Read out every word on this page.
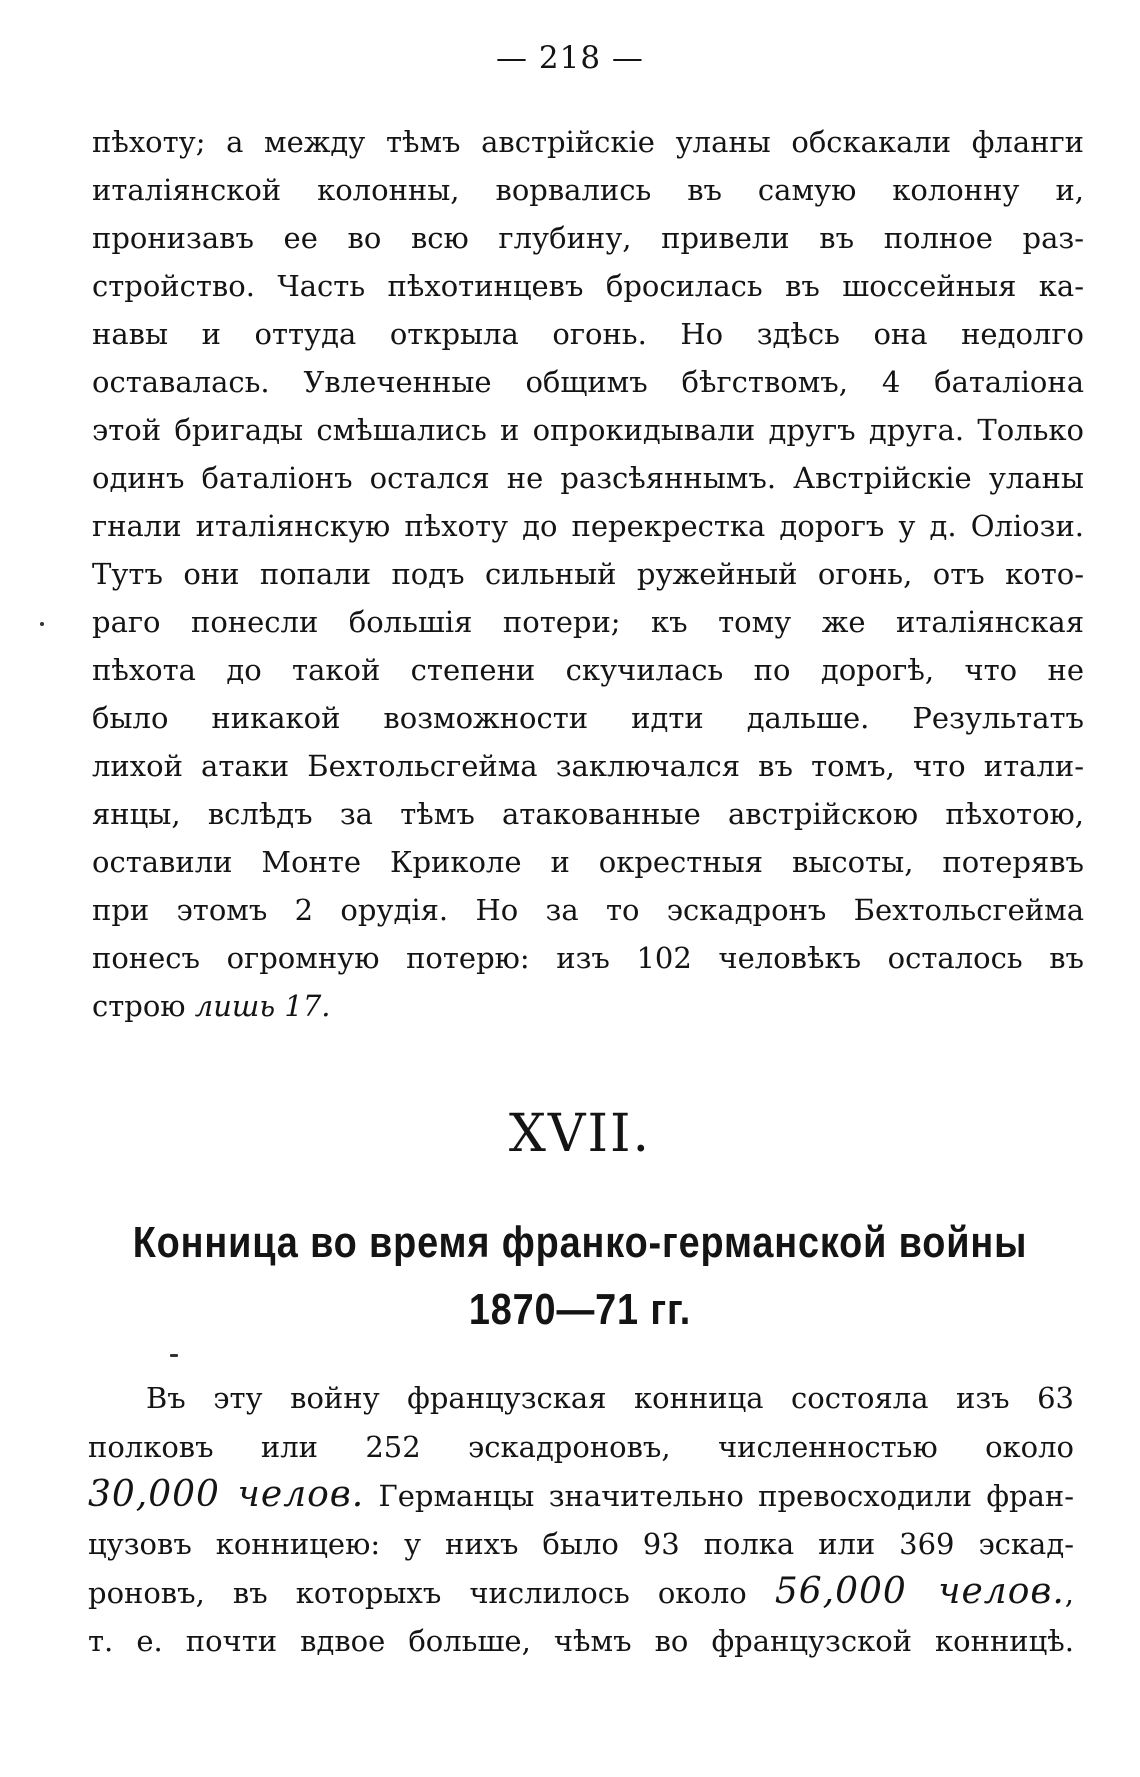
— 218 —
пѣхоту; а между тѣмъ австрійскіе уланы обскакали фланги
италіянской колонны, ворвались въ самую колонну и,
пронизавъ ее во всю глубину, привели въ полное раз-
стройство. Часть пѣхотинцевъ бросилась въ шоссейныя ка-
навы и оттуда открыла огонь. Но здѣсь она недолго
оставалась. Увлеченные общимъ бѣгствомъ, 4 баталіона
этой бригады смѣшались и опрокидывали другъ друга. Только
одинъ баталіонъ остался не разсѣяннымъ. Австрійскіе уланы
гнали италіянскую пѣхоту до перекрестка дорогъ у д. Оліози.
Тутъ они попали подъ сильный ружейный огонь, отъ кото-
раго понесли большія потери; къ тому же италіянская
пѣхота до такой степени скучилась по дорогѣ, что не
было никакой возможности идти дальше. Результатъ
лихой атаки Бехтольсгейма заключался въ томъ, что итали-
янцы, вслѣдъ за тѣмъ атакованные австрійскою пѣхотою,
оставили Монте Криколе и окрестныя высоты, потерявъ
при этомъ 2 орудія. Но за то эскадронъ Бехтольсгейма
понесъ огромную потерю: изъ 102 человѣкъ осталось въ
строю лишь 17.
XVII.
Конница во время франко-германской войны
1870—71 гг.
Въ эту войну французская конница состояла изъ 63
полковъ или 252 эскадроновъ, численностью около
30,000 челов. Германцы значительно превосходили фран-
цузовъ конницею: у нихъ было 93 полка или 369 эскад-
роновъ, въ которыхъ числилось около 56,000 челов.,
т. е. почти вдвое больше, чѣмъ во французской конницѣ.
